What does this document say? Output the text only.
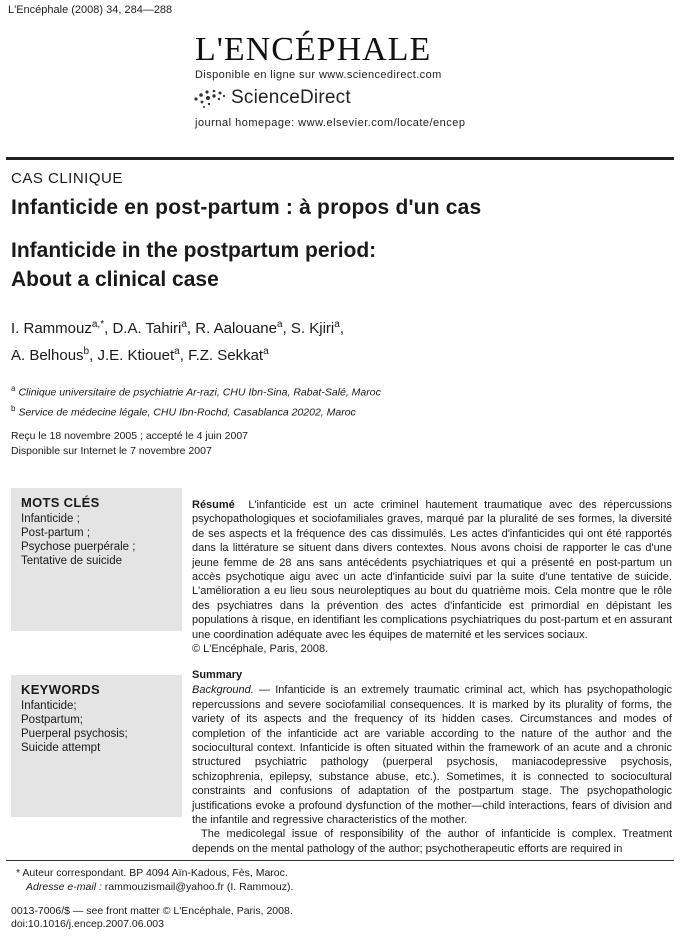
L'Encéphale (2008) 34, 284—288
L'ENCÉPHALE
Disponible en ligne sur www.sciencedirect.com
ScienceDirect
journal homepage: www.elsevier.com/locate/encep
CAS CLINIQUE
Infanticide en post-partum : à propos d'un cas
Infanticide in the postpartum period:
About a clinical case
I. Rammouz$^{a,*}$, D.A. Tahiri$^a$, R. Aalouane$^a$, S. Kjiri$^a$,
A. Belhous$^b$, J.E. Ktiouet$^a$, F.Z. Sekkat$^a$
$^a$ Clinique universitaire de psychiatrie Ar-razi, CHU Ibn-Sina, Rabat-Salé, Maroc
$^b$ Service de médecine légale, CHU Ibn-Rochd, Casablanca 20202, Maroc
Reçu le 18 novembre 2005 ; accepté le 4 juin 2007
Disponible sur Internet le 7 novembre 2007
MOTS CLÉS
Infanticide ;
Post-partum ;
Psychose puerpérale ;
Tentative de suicide
KEYWORDS
Infanticide;
Postpartum;
Puerperal psychosis;
Suicide attempt
Résumé L'infanticide est un acte criminel hautement traumatique avec des répercussions psychopathologiques et sociofamiliales graves, marqué par la pluralité de ses formes, la diversité de ses aspects et la fréquence des cas dissimulés. Les actes d'infanticides qui ont été rapportés dans la littérature se situent dans divers contextes. Nous avons choisi de rapporter le cas d'une jeune femme de 28 ans sans antécédents psychiatriques et qui a présenté en post-partum un accès psychotique aigu avec un acte d'infanticide suivi par la suite d'une tentative de suicide. L'amélioration a eu lieu sous neuroleptiques au bout du quatrième mois. Cela montre que le rôle des psychiatres dans la prévention des actes d'infanticide est primordial en dépistant les populations à risque, en identifiant les complications psychiatriques du post-partum et en assurant une coordination adéquate avec les équipes de maternité et les services sociaux.
© L'Encéphale, Paris, 2008.
Summary
Background. — Infanticide is an extremely traumatic criminal act, which has psychopathologic repercussions and severe sociofamilial consequences. It is marked by its plurality of forms, the variety of its aspects and the frequency of its hidden cases. Circumstances and modes of completion of the infanticide act are variable according to the nature of the author and the sociocultural context. Infanticide is often situated within the framework of an acute and a chronic structured psychiatric pathology (puerperal psychosis, maniacodepressive psychosis, schizophrenia, epilepsy, substance abuse, etc.). Sometimes, it is connected to sociocultural constraints and confusions of adaptation of the postpartum stage. The psychopathologic justifications evoke a profound dysfunction of the mother—child interactions, fears of division and the infantile and regressive characteristics of the mother.
The medicolegal issue of responsibility of the author of infanticide is complex. Treatment depends on the mental pathology of the author; psychotherapeutic efforts are required in
* Auteur correspondant. BP 4094 Aïn-Kadous, Fès, Maroc.
Adresse e-mail : rammouzismail@yahoo.fr (I. Rammouz).
0013-7006/$ — see front matter © L'Encéphale, Paris, 2008.
doi:10.1016/j.encep.2007.06.003
